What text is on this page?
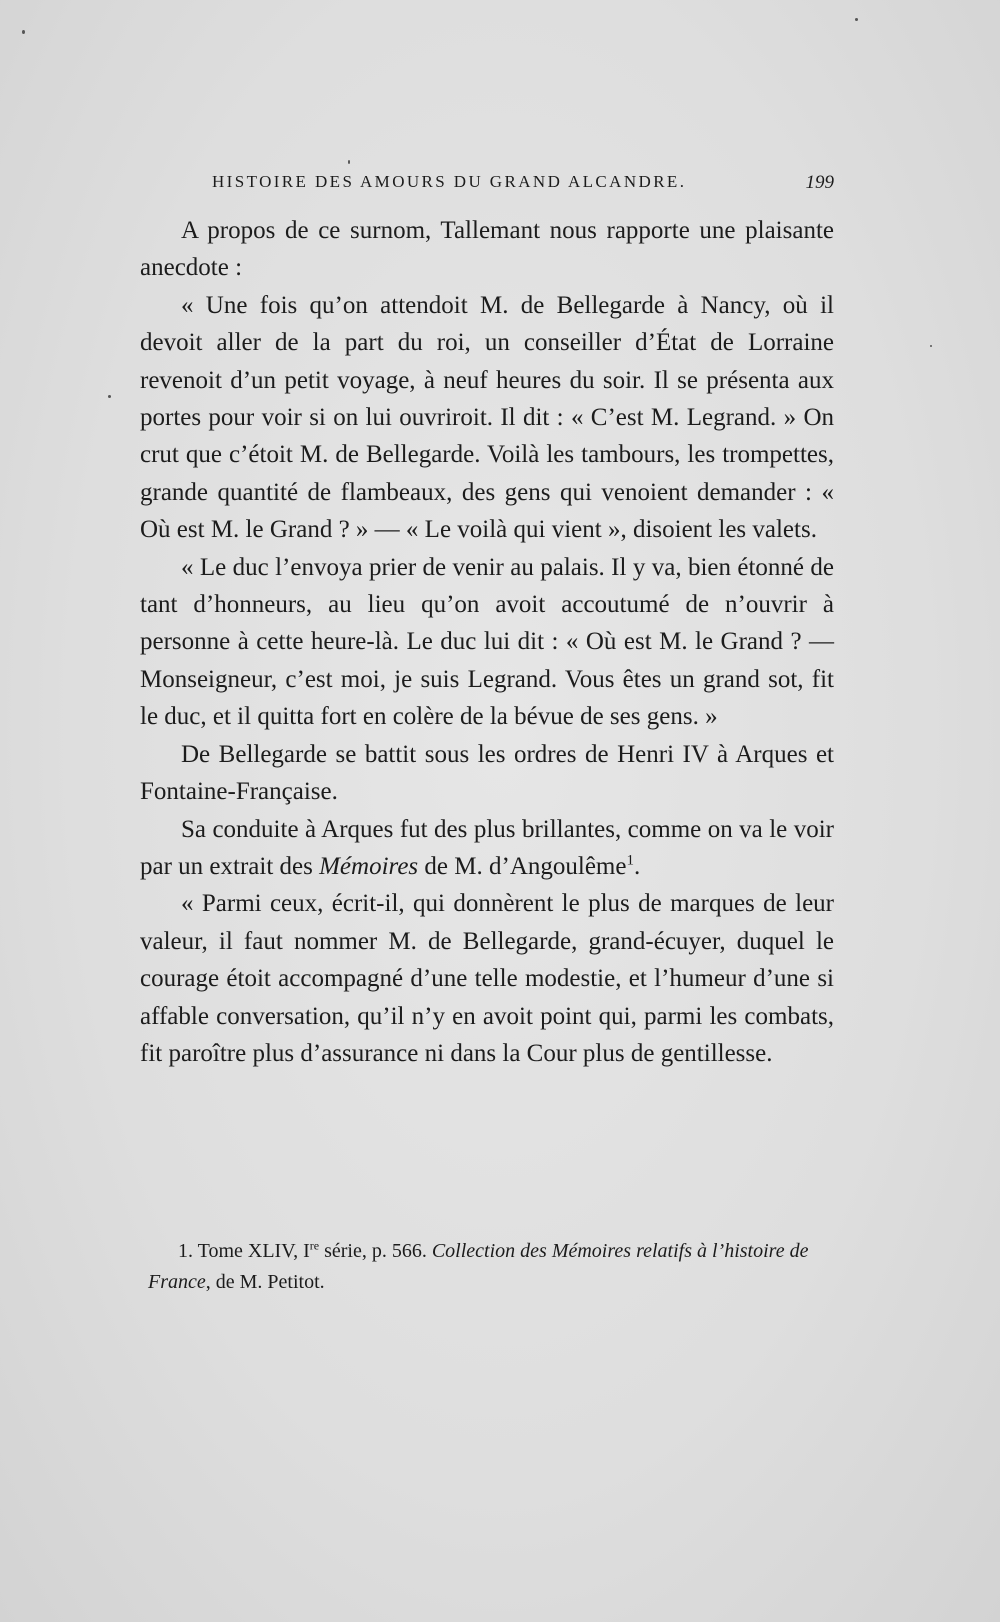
HISTOIRE DES AMOURS DU GRAND ALCANDRE.	199

A propos de ce surnom, Tallemant nous rapporte une plaisante anecdote :

« Une fois qu’on attendoit M. de Bellegarde à Nancy, où il devoit aller de la part du roi, un conseiller d’État de Lorraine revenoit d’un petit voyage, à neuf heures du soir. Il se présenta aux portes pour voir si on lui ouvriroit. Il dit : « C’est M. Legrand. » On crut que c’étoit M. de Bellegarde. Voilà les tambours, les trompettes, grande quantité de flambeaux, des gens qui venoient demander : « Où est M. le Grand ? » — « Le voilà qui vient », disoient les valets.

« Le duc l’envoya prier de venir au palais. Il y va, bien étonné de tant d’honneurs, au lieu qu’on avoit accoutumé de n’ouvrir à personne à cette heure-là. Le duc lui dit : « Où est M. le Grand ? — Monseigneur, c’est moi, je suis Legrand. Vous êtes un grand sot, fit le duc, et il quitta fort en colère de la bévue de ses gens. »

De Bellegarde se battit sous les ordres de Henri IV à Arques et Fontaine-Française.

Sa conduite à Arques fut des plus brillantes, comme on va le voir par un extrait des Mémoires de M. d’Angoulême$^1$.

« Parmi ceux, écrit-il, qui donnèrent le plus de marques de leur valeur, il faut nommer M. de Bellegarde, grand-écuyer, duquel le courage étoit accompagné d’une telle modestie, et l’humeur d’une si affable conversation, qu’il n’y en avoit point qui, parmi les combats, fit paroître plus d’assurance ni dans la Cour plus de gentillesse.

1. Tome XLIV, Ire série, p. 566. Collection des Mémoires relatifs à l’histoire de France, de M. Petitot.
